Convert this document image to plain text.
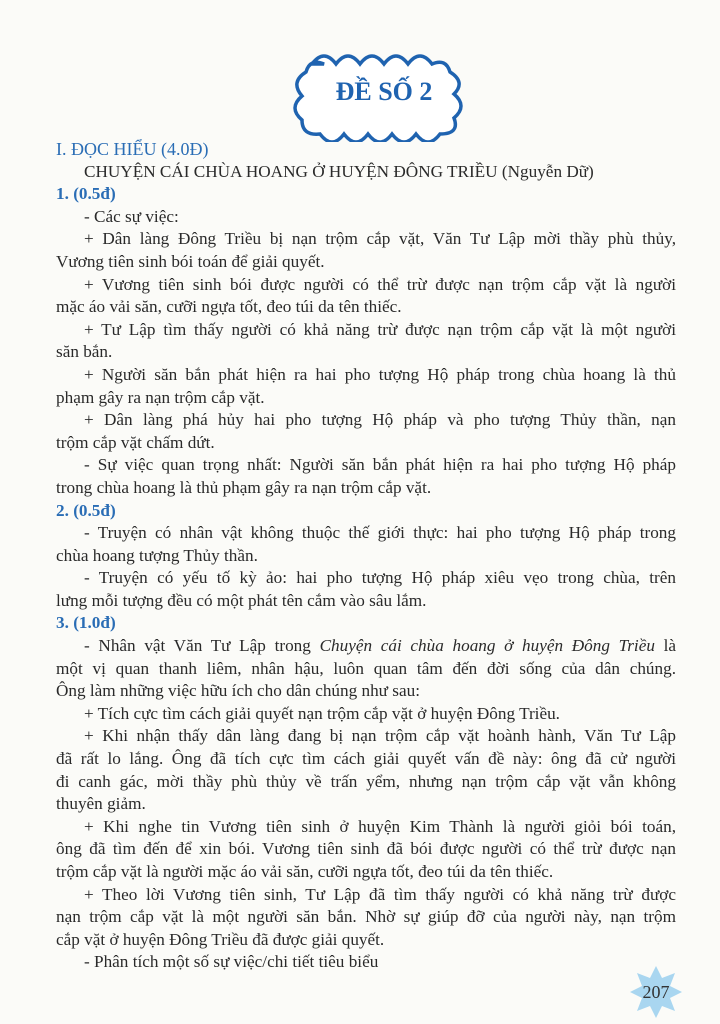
ĐỀ SỐ 2
I. ĐỌC HIỂU (4.0Đ)
CHUYỆN CÁI CHÙA HOANG Ở HUYỆN ĐÔNG TRIỀU (Nguyễn Dữ)
1. (0.5đ)
- Các sự việc:
+ Dân làng Đông Triều bị nạn trộm cắp vặt, Văn Tư Lập mời thầy phù thủy,
Vương tiên sinh bói toán để giải quyết.
+ Vương tiên sinh bói được người có thể trừ được nạn trộm cắp vặt là người
mặc áo vải săn, cưỡi ngựa tốt, đeo túi da tên thiếc.
+ Tư Lập tìm thấy người có khả năng trừ được nạn trộm cắp vặt là một người
săn bắn.
+ Người săn bắn phát hiện ra hai pho tượng Hộ pháp trong chùa hoang là thủ
phạm gây ra nạn trộm cắp vặt.
+ Dân làng phá hủy hai pho tượng Hộ pháp và pho tượng Thủy thần, nạn
trộm cắp vặt chấm dứt.
- Sự việc quan trọng nhất: Người săn bắn phát hiện ra hai pho tượng Hộ pháp
trong chùa hoang là thủ phạm gây ra nạn trộm cắp vặt.
2. (0.5đ)
- Truyện có nhân vật không thuộc thế giới thực: hai pho tượng Hộ pháp trong
chùa hoang tượng Thủy thần.
- Truyện có yếu tố kỳ ảo: hai pho tượng Hộ pháp xiêu vẹo trong chùa, trên
lưng mỗi tượng đều có một phát tên cắm vào sâu lắm.
3. (1.0đ)
- Nhân vật Văn Tư Lập trong Chuyện cái chùa hoang ở huyện Đông Triều là
một vị quan thanh liêm, nhân hậu, luôn quan tâm đến đời sống của dân chúng.
Ông làm những việc hữu ích cho dân chúng như sau:
+ Tích cực tìm cách giải quyết nạn trộm cắp vặt ở huyện Đông Triều.
+ Khi nhận thấy dân làng đang bị nạn trộm cắp vặt hoành hành, Văn Tư Lập
đã rất lo lắng. Ông đã tích cực tìm cách giải quyết vấn đề này: ông đã cử người
đi canh gác, mời thầy phù thủy về trấn yểm, nhưng nạn trộm cắp vặt vẫn không
thuyên giảm.
+ Khi nghe tin Vương tiên sinh ở huyện Kim Thành là người giỏi bói toán,
ông đã tìm đến để xin bói. Vương tiên sinh đã bói được người có thể trừ được nạn
trộm cắp vặt là người mặc áo vải săn, cưỡi ngựa tốt, đeo túi da tên thiếc.
+ Theo lời Vương tiên sinh, Tư Lập đã tìm thấy người có khả năng trừ được
nạn trộm cắp vặt là một người săn bắn. Nhờ sự giúp đỡ của người này, nạn trộm
cắp vặt ở huyện Đông Triều đã được giải quyết.
- Phân tích một số sự việc/chi tiết tiêu biểu
207
